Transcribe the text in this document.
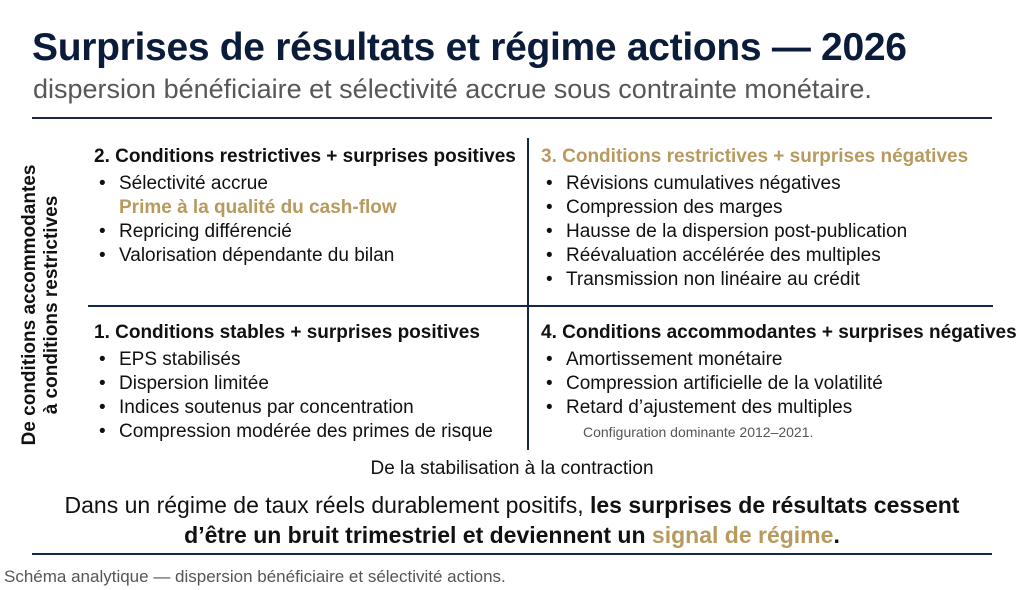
Surprises de résultats et régime actions — 2026
dispersion bénéficiaire et sélectivité accrue sous contrainte monétaire.
De conditions accommodantes à conditions restrictives
2. Conditions restrictives + surprises positives
• Sélectivité accrue
Prime à la qualité du cash-flow
• Repricing différencié
• Valorisation dépendante du bilan
3. Conditions restrictives + surprises négatives
• Révisions cumulatives négatives
• Compression des marges
• Hausse de la dispersion post-publication
• Réévaluation accélérée des multiples
• Transmission non linéaire au crédit
1. Conditions stables + surprises positives
• EPS stabilisés
• Dispersion limitée
• Indices soutenus par concentration
• Compression modérée des primes de risque
4. Conditions accommodantes + surprises négatives
• Amortissement monétaire
• Compression artificielle de la volatilité
• Retard d’ajustement des multiples
Configuration dominante 2012–2021.
De la stabilisation à la contraction
Dans un régime de taux réels durablement positifs, les surprises de résultats cessent
d’être un bruit trimestriel et deviennent un signal de régime.
Schéma analytique — dispersion bénéficiaire et sélectivité actions.
